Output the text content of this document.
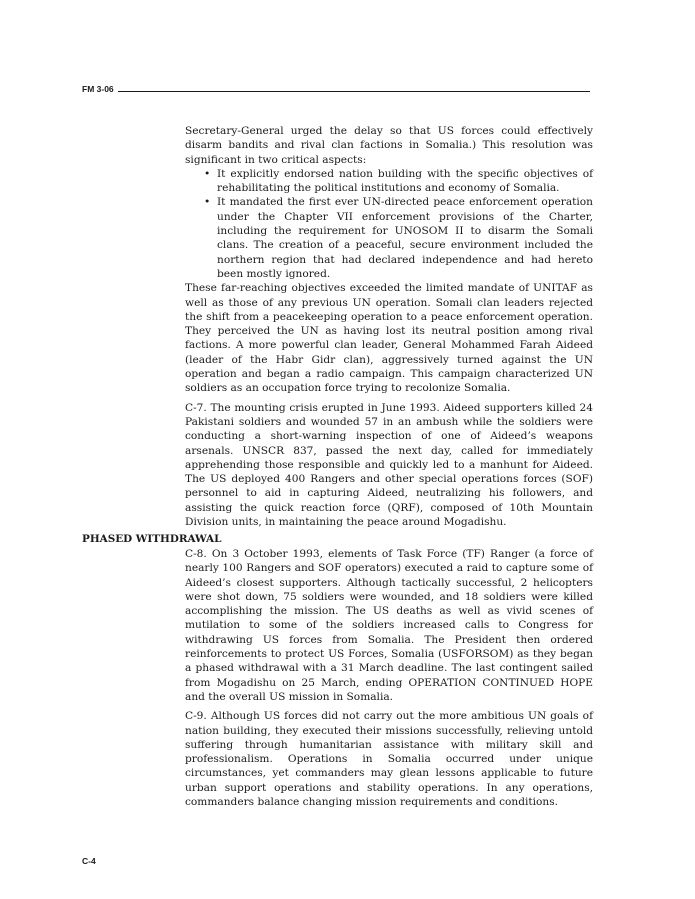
FM 3-06

Secretary-General urged the delay so that US forces could effectively disarm bandits and rival clan factions in Somalia.) This resolution was significant in two critical aspects:

• It explicitly endorsed nation building with the specific objectives of rehabilitating the political institutions and economy of Somalia.
• It mandated the first ever UN-directed peace enforcement operation under the Chapter VII enforcement provisions of the Charter, including the requirement for UNOSOM II to disarm the Somali clans. The creation of a peaceful, secure environment included the northern region that had declared independence and had hereto been mostly ignored.

These far-reaching objectives exceeded the limited mandate of UNITAF as well as those of any previous UN operation. Somali clan leaders rejected the shift from a peacekeeping operation to a peace enforcement operation. They perceived the UN as having lost its neutral position among rival factions. A more powerful clan leader, General Mohammed Farah Aideed (leader of the Habr Gidr clan), aggressively turned against the UN operation and began a radio campaign. This campaign characterized UN soldiers as an occupation force trying to recolonize Somalia.

C-7. The mounting crisis erupted in June 1993. Aideed supporters killed 24 Pakistani soldiers and wounded 57 in an ambush while the soldiers were conducting a short-warning inspection of one of Aideed’s weapons arsenals. UNSCR 837, passed the next day, called for immediately apprehending those responsible and quickly led to a manhunt for Aideed. The US deployed 400 Rangers and other special operations forces (SOF) personnel to aid in capturing Aideed, neutralizing his followers, and assisting the quick reaction force (QRF), composed of 10th Mountain Division units, in maintaining the peace around Mogadishu.

PHASED WITHDRAWAL

C-8. On 3 October 1993, elements of Task Force (TF) Ranger (a force of nearly 100 Rangers and SOF operators) executed a raid to capture some of Aideed’s closest supporters. Although tactically successful, 2 helicopters were shot down, 75 soldiers were wounded, and 18 soldiers were killed accomplishing the mission. The US deaths as well as vivid scenes of mutilation to some of the soldiers increased calls to Congress for withdrawing US forces from Somalia. The President then ordered reinforcements to protect US Forces, Somalia (USFORSOM) as they began a phased withdrawal with a 31 March deadline. The last contingent sailed from Mogadishu on 25 March, ending OPERATION CONTINUED HOPE and the overall US mission in Somalia.

C-9. Although US forces did not carry out the more ambitious UN goals of nation building, they executed their missions successfully, relieving untold suffering through humanitarian assistance with military skill and professionalism. Operations in Somalia occurred under unique circumstances, yet commanders may glean lessons applicable to future urban support operations and stability operations. In any operations, commanders balance changing mission requirements and conditions.

C-4
